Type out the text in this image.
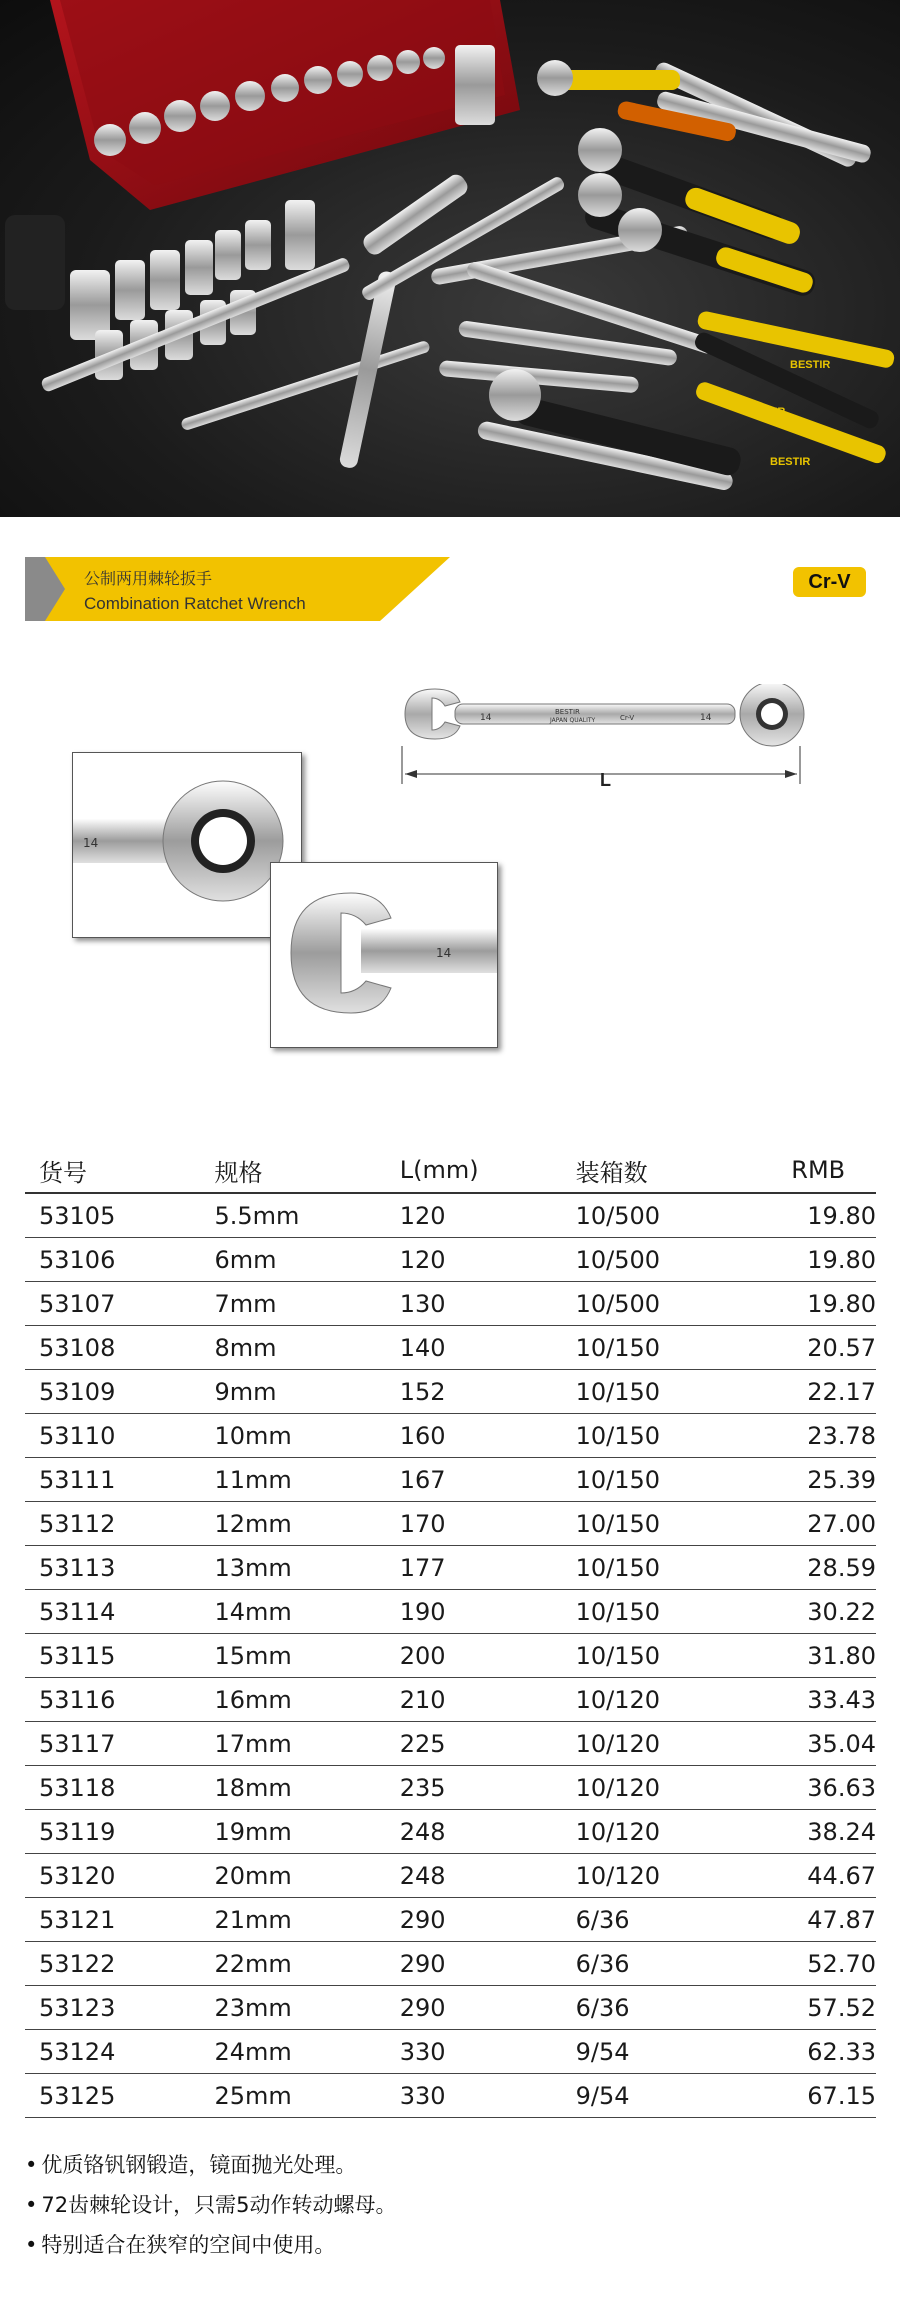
BESTIR
BESTIR
BESTIR
公制两用棘轮扳手
Combination Ratchet Wrench
Cr-V
14	14
BESTIR
JAPAN QUALITY	Cr-V
L
14
14
货号	规格	L(mm)	装箱数	RMB
53105	5.5mm	120	10/500	19.80
53106	6mm	120	10/500	19.80
53107	7mm	130	10/500	19.80
53108	8mm	140	10/150	20.57
53109	9mm	152	10/150	22.17
53110	10mm	160	10/150	23.78
53111	11mm	167	10/150	25.39
53112	12mm	170	10/150	27.00
53113	13mm	177	10/150	28.59
53114	14mm	190	10/150	30.22
53115	15mm	200	10/150	31.80
53116	16mm	210	10/120	33.43
53117	17mm	225	10/120	35.04
53118	18mm	235	10/120	36.63
53119	19mm	248	10/120	38.24
53120	20mm	248	10/120	44.67
53121	21mm	290	6/36	47.87
53122	22mm	290	6/36	52.70
53123	23mm	290	6/36	57.52
53124	24mm	330	9/54	62.33
53125	25mm	330	9/54	67.15
• 优质铬钒钢锻造，镜面抛光处理。
• 72齿棘轮设计，只需5动作转动螺母。
• 特别适合在狭窄的空间中使用。
